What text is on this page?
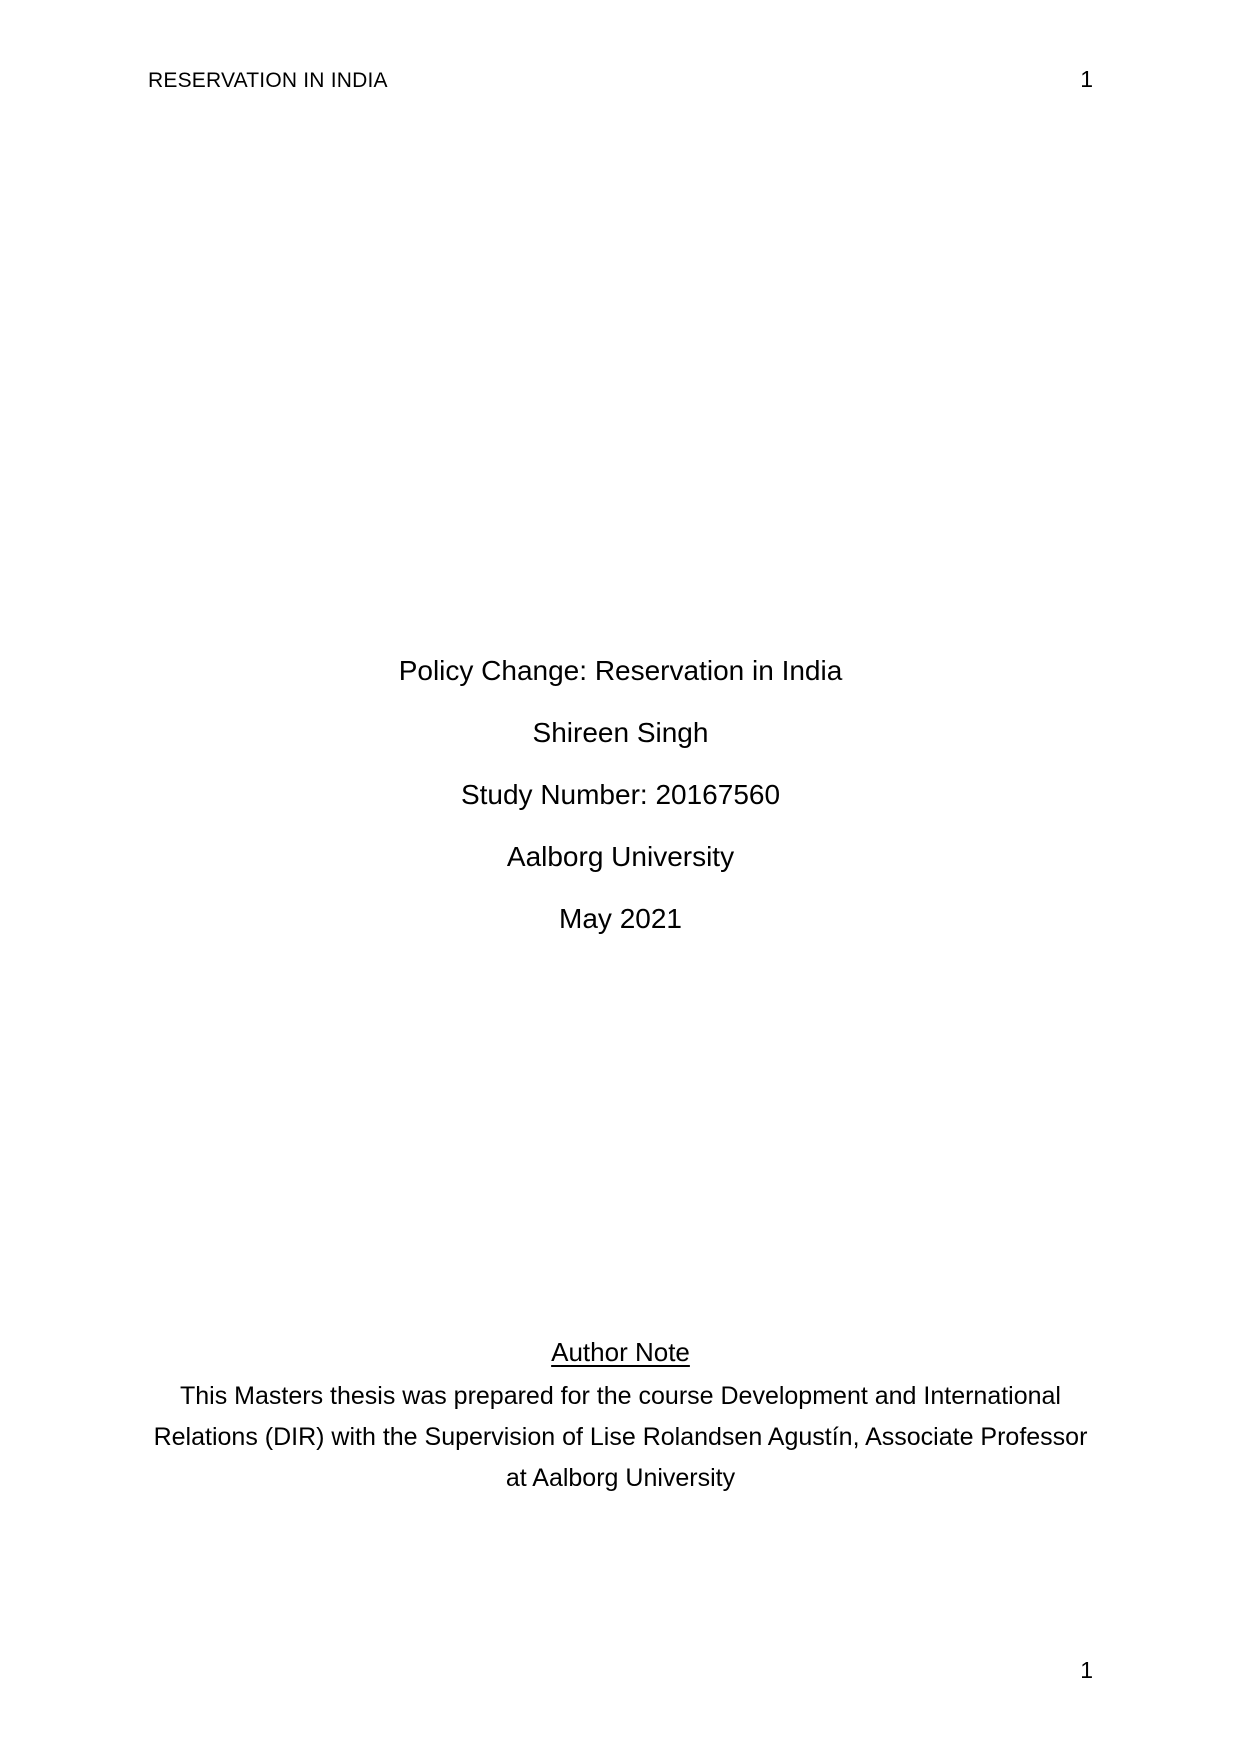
RESERVATION IN INDIA	1

Policy Change: Reservation in India

Shireen Singh

Study Number: 20167560

Aalborg University

May 2021

Author Note

This Masters thesis was prepared for the course Development and International
Relations (DIR) with the Supervision of Lise Rolandsen Agustín, Associate Professor
at Aalborg University

1
